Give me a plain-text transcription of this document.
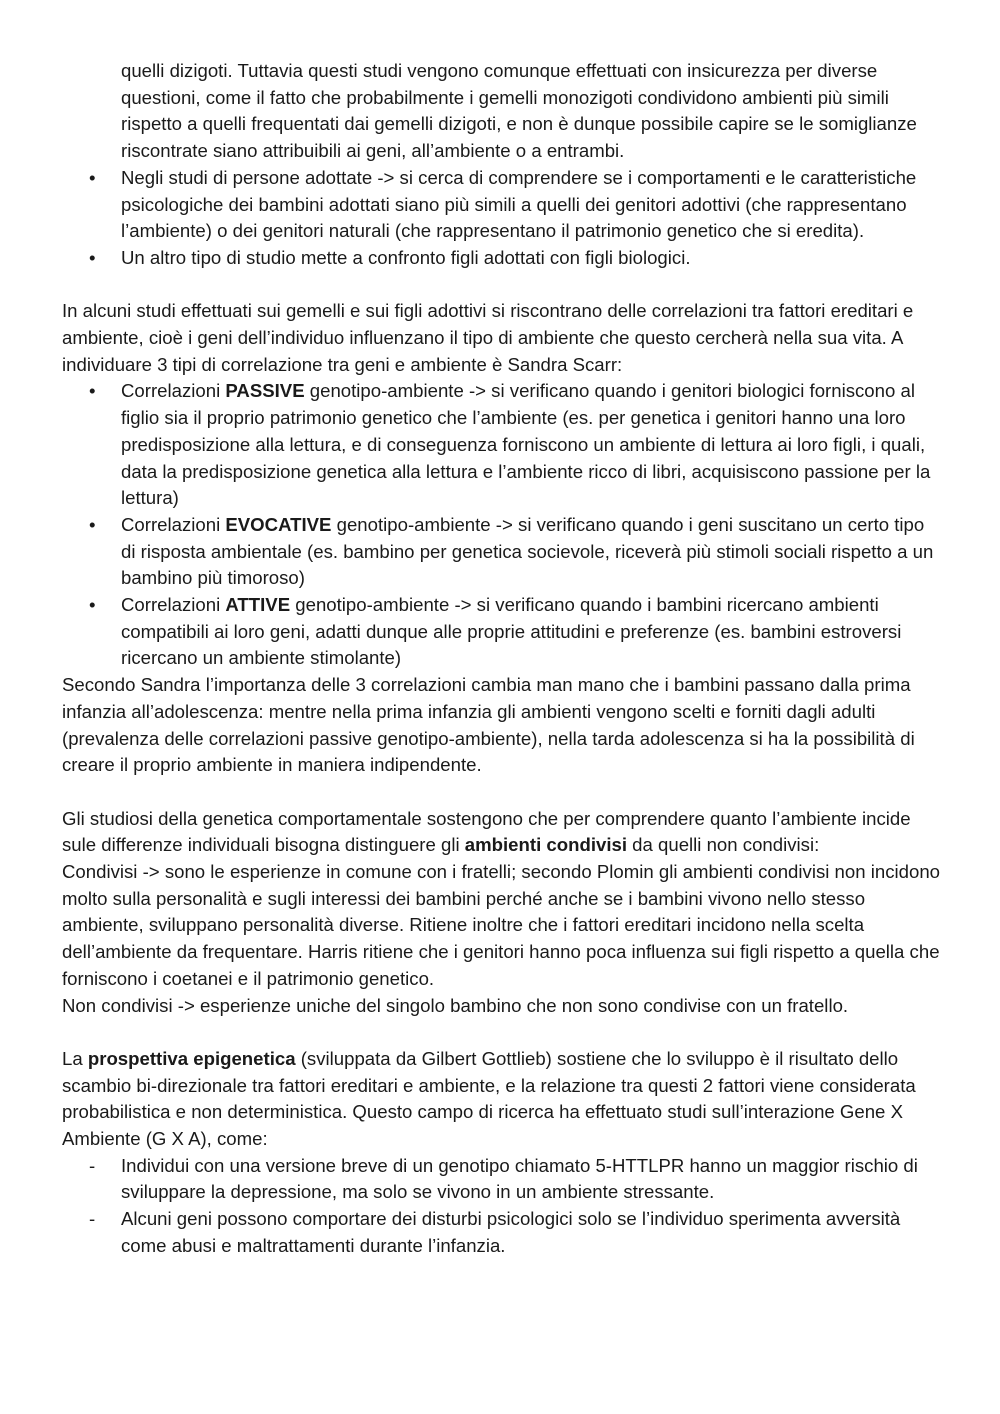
quelli dizigoti. Tuttavia questi studi vengono comunque effettuati con insicurezza per diverse questioni, come il fatto che probabilmente i gemelli monozigoti condividono ambienti più simili rispetto a quelli frequentati dai gemelli dizigoti, e non è dunque possibile capire se le somiglianze riscontrate siano attribuibili ai geni, all’ambiente o a entrambi.

•	Negli studi di persone adottate -> si cerca di comprendere se i comportamenti e le caratteristiche psicologiche dei bambini adottati siano più simili a quelli dei genitori adottivi (che rappresentano l’ambiente) o dei genitori naturali (che rappresentano il patrimonio genetico che si eredita).
•	Un altro tipo di studio mette a confronto figli adottati con figli biologici.

In alcuni studi effettuati sui gemelli e sui figli adottivi si riscontrano delle correlazioni tra fattori ereditari e ambiente, cioè i geni dell’individuo influenzano il tipo di ambiente che questo cercherà nella sua vita. A individuare 3 tipi di correlazione tra geni e ambiente è Sandra Scarr:

•	Correlazioni PASSIVE genotipo-ambiente -> si verificano quando i genitori biologici forniscono al figlio sia il proprio patrimonio genetico che l’ambiente (es. per genetica i genitori hanno una loro predisposizione alla lettura, e di conseguenza forniscono un ambiente di lettura ai loro figli, i quali, data la predisposizione genetica alla lettura e l’ambiente ricco di libri, acquisiscono passione per la lettura)
•	Correlazioni EVOCATIVE genotipo-ambiente -> si verificano quando i geni suscitano un certo tipo di risposta ambientale (es. bambino per genetica socievole, riceverà più stimoli sociali rispetto a un bambino più timoroso)
•	Correlazioni ATTIVE genotipo-ambiente -> si verificano quando i bambini ricercano ambienti compatibili ai loro geni, adatti dunque alle proprie attitudini e preferenze (es. bambini estroversi ricercano un ambiente stimolante)

Secondo Sandra l’importanza delle 3 correlazioni cambia man mano che i bambini passano dalla prima infanzia all’adolescenza: mentre nella prima infanzia gli ambienti vengono scelti e forniti dagli adulti (prevalenza delle correlazioni passive genotipo-ambiente), nella tarda adolescenza si ha la possibilità di creare il proprio ambiente in maniera indipendente.

Gli studiosi della genetica comportamentale sostengono che per comprendere quanto l’ambiente incide sule differenze individuali bisogna distinguere gli ambienti condivisi da quelli non condivisi:

Condivisi -> sono le esperienze in comune con i fratelli; secondo Plomin gli ambienti condivisi non incidono molto sulla personalità e sugli interessi dei bambini perché anche se i bambini vivono nello stesso ambiente, sviluppano personalità diverse. Ritiene inoltre che i fattori ereditari incidono nella scelta dell’ambiente da frequentare. Harris ritiene che i genitori hanno poca influenza sui figli rispetto a quella che forniscono i coetanei e il patrimonio genetico.

Non condivisi -> esperienze uniche del singolo bambino che non sono condivise con un fratello.

La prospettiva epigenetica (sviluppata da Gilbert Gottlieb) sostiene che lo sviluppo è il risultato dello scambio bi-direzionale tra fattori ereditari e ambiente, e la relazione tra questi 2 fattori viene considerata probabilistica e non deterministica. Questo campo di ricerca ha effettuato studi sull’interazione Gene X Ambiente (G X A), come:

-	Individui con una versione breve di un genotipo chiamato 5-HTTLPR hanno un maggior rischio di sviluppare la depressione, ma solo se vivono in un ambiente stressante.
-	Alcuni geni possono comportare dei disturbi psicologici solo se l’individuo sperimenta avversità come abusi e maltrattamenti durante l’infanzia.
